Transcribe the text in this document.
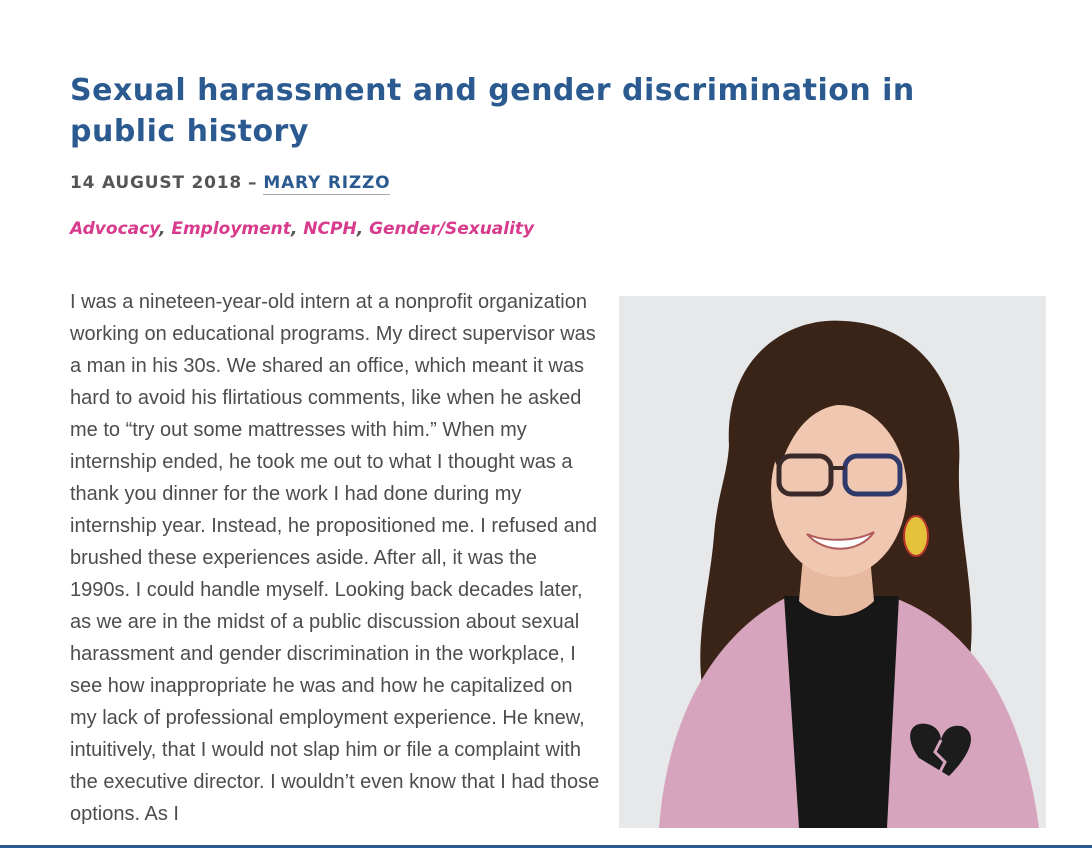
Sexual harassment and gender discrimination in public history
14 AUGUST 2018 – MARY RIZZO
Advocacy, Employment, NCPH, Gender/Sexuality

I was a nineteen-year-old intern at a nonprofit organization working on educational programs. My direct supervisor was a man in his 30s. We shared an office, which meant it was hard to avoid his flirtatious comments, like when he asked me to “try out some mattresses with him.” When my internship ended, he took me out to what I thought was a thank you dinner for the work I had done during my internship year. Instead, he propositioned me. I refused and brushed these experiences aside. After all, it was the 1990s. I could handle myself. Looking back decades later, as we are in the midst of a public discussion about sexual harassment and gender discrimination in the workplace, I see how inappropriate he was and how he capitalized on my lack of professional employment experience. He knew, intuitively, that I would not slap him or file a complaint with the executive director. I wouldn’t even know that I had those options. As I
